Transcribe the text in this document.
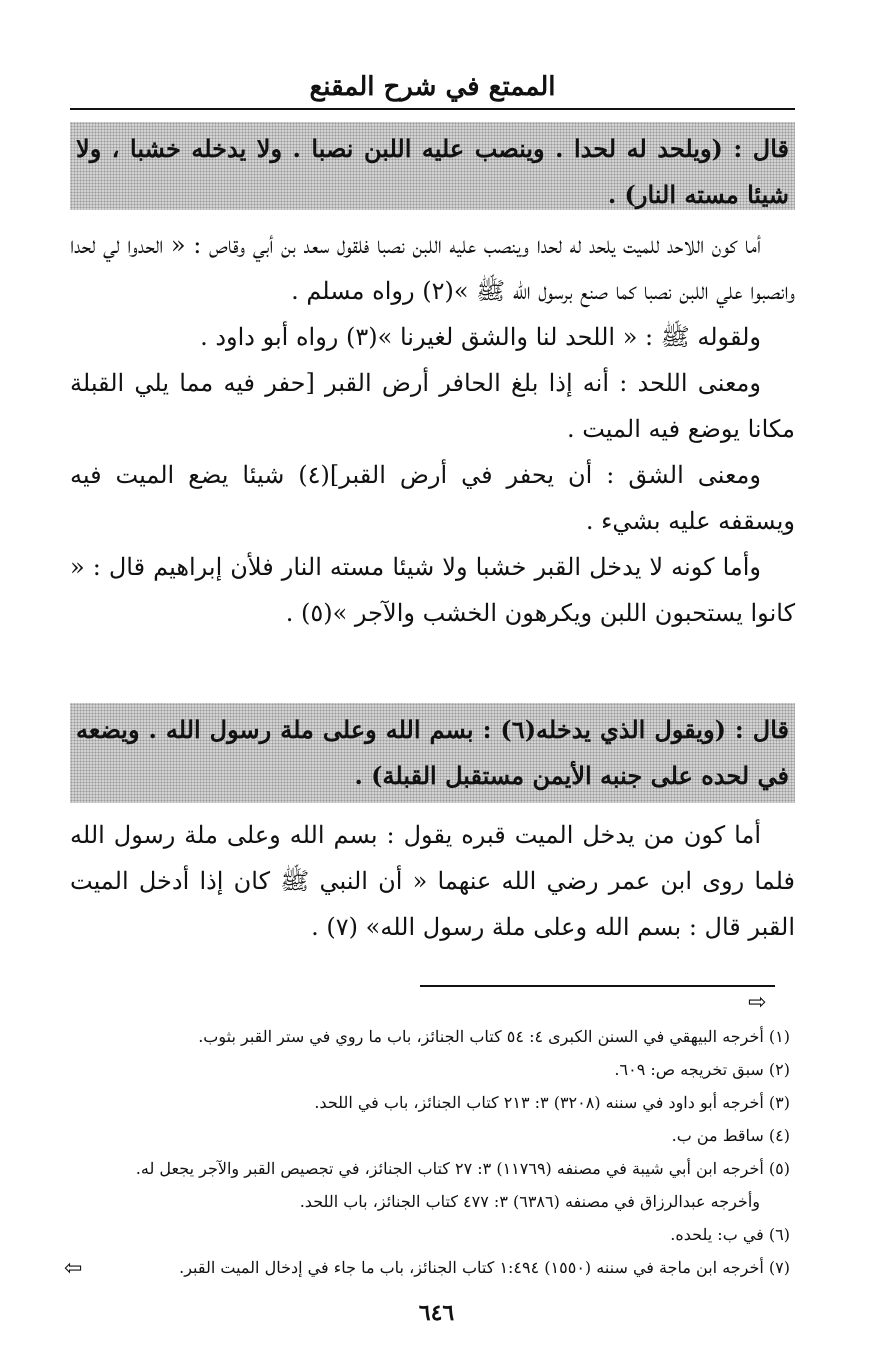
الممتع في شرح المقنع
قال : (ويلحد له لحدا . وينصب عليه اللبن نصبا . ولا يدخله خشبا ، ولا شيئا مسته النار) .

أما كون اللاحد للميت يلحد له لحدا وينصب عليه اللبن نصبا فلقول سعد بن أبي وقاص : « الحدوا لي لحدا وانصبوا علي اللبن نصبا كما صنع برسول الله ﷺ »(٢) رواه مسلم .

ولقوله ﷺ : « اللحد لنا والشق لغيرنا »(٣) رواه أبو داود .

ومعنى اللحد : أنه إذا بلغ الحافر أرض القبر [حفر فيه مما يلي القبلة مكانا يوضع فيه الميت .

ومعنى الشق : أن يحفر في أرض القبر](٤) شيئا يضع الميت فيه ويسقفه عليه بشيء .

وأما كونه لا يدخل القبر خشبا ولا شيئا مسته النار فلأن إبراهيم قال : « كانوا يستحبون اللبن ويكرهون الخشب والآجر »(٥) .

قال : (ويقول الذي يدخله(٦) : بسم الله وعلى ملة رسول الله . ويضعه في لحده على جنبه الأيمن مستقبل القبلة) .

أما كون من يدخل الميت قبره يقول : بسم الله وعلى ملة رسول الله فلما روى ابن عمر رضي الله عنهما « أن النبي ﷺ كان إذا أدخل الميت القبر قال : بسم الله وعلى ملة رسول الله» (٧) .

⇨

(١) أخرجه البيهقي في السنن الكبرى ٤: ٥٤ كتاب الجنائز، باب ما روي في ستر القبر بثوب.

(٢) سبق تخريجه ص: ٦٠٩.

(٣) أخرجه أبو داود في سننه (٣٢٠٨) ٣: ٢١٣ كتاب الجنائز، باب في اللحد.

(٤) ساقط من ب.

(٥) أخرجه ابن أبي شيبة في مصنفه (١١٧٦٩) ٣: ٢٧ كتاب الجنائز، في تجصيص القبر والآجر يجعل له.

وأخرجه عبدالرزاق في مصنفه (٦٣٨٦) ٣: ٤٧٧ كتاب الجنائز، باب اللحد.

(٦) في ب: يلحده.

(٧) أخرجه ابن ماجة في سننه (١٥٥٠) ١:٤٩٤ كتاب الجنائز، باب ما جاء في إدخال الميت القبر.

⇦
٦٤٦
